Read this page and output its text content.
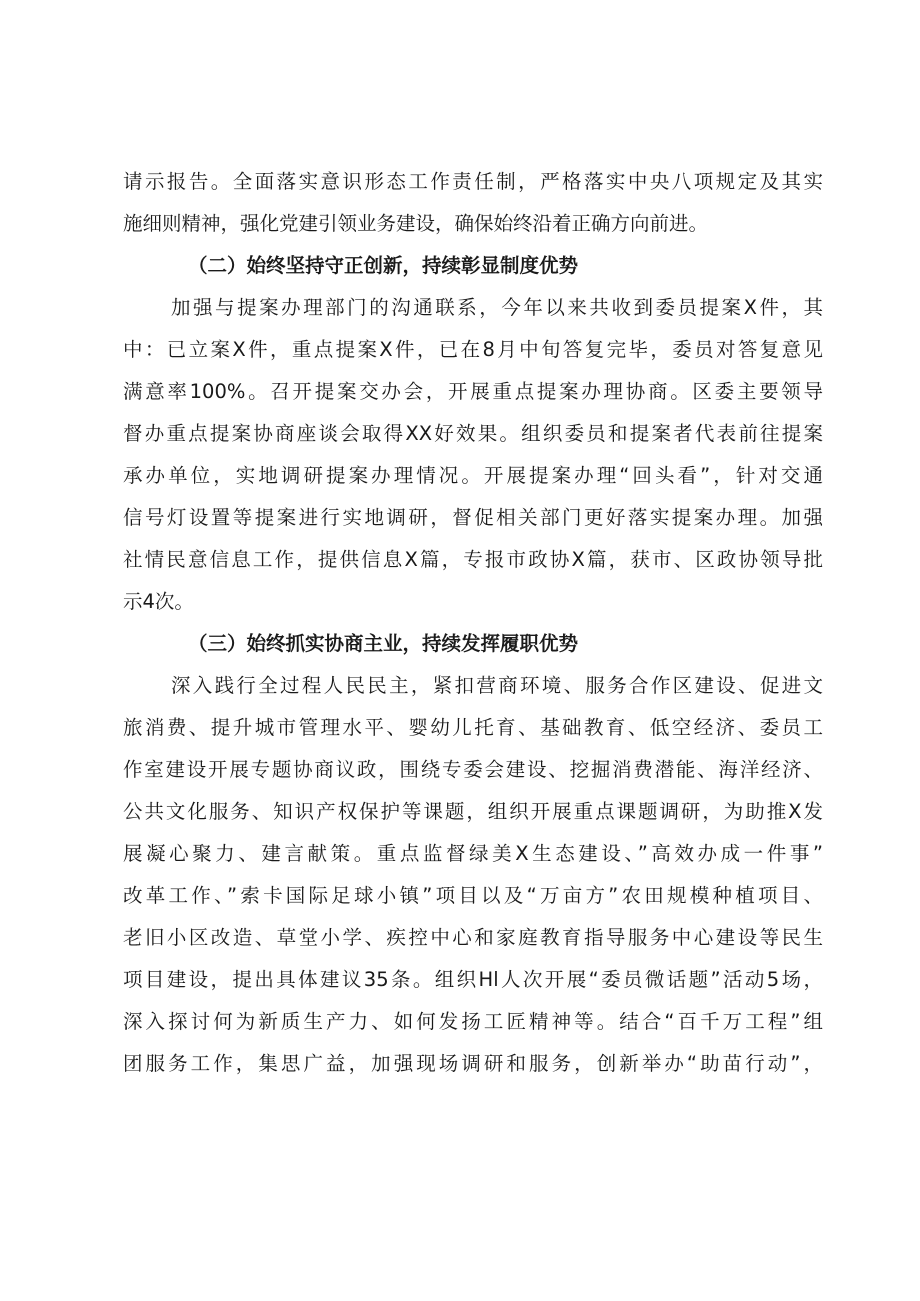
请示报告。全面落实意识形态工作责任制，严格落实中央八项规定及其实
施细则精神，强化党建引领业务建设，确保始终沿着正确方向前进。
（二）始终坚持守正创新，持续彰显制度优势
加强与提案办理部门的沟通联系，今年以来共收到委员提案X件，其
中：已立案X件，重点提案X件，已在8月中旬答复完毕，委员对答复意见
满意率100%。召开提案交办会，开展重点提案办理协商。区委主要领导
督办重点提案协商座谈会取得XX好效果。组织委员和提案者代表前往提案
承办单位，实地调研提案办理情况。开展提案办理“回头看”，针对交通
信号灯设置等提案进行实地调研，督促相关部门更好落实提案办理。加强
社情民意信息工作，提供信息X篇，专报市政协X篇，获市、区政协领导批
示4次。
（三）始终抓实协商主业，持续发挥履职优势
深入践行全过程人民民主，紧扣营商环境、服务合作区建设、促进文
旅消费、提升城市管理水平、婴幼儿托育、基础教育、低空经济、委员工
作室建设开展专题协商议政，围绕专委会建设、挖掘消费潜能、海洋经济、
公共文化服务、知识产权保护等课题，组织开展重点课题调研，为助推X发
展凝心聚力、建言献策。重点监督绿美X生态建设、”高效办成一件事”
改革工作、”索卡国际足球小镇”项目以及“万亩方”农田规模种植项目、
老旧小区改造、草堂小学、疾控中心和家庭教育指导服务中心建设等民生
项目建设，提出具体建议35条。组织Hl人次开展“委员微话题”活动5场，
深入探讨何为新质生产力、如何发扬工匠精神等。结合“百千万工程”组
团服务工作，集思广益，加强现场调研和服务，创新举办“助苗行动”，
